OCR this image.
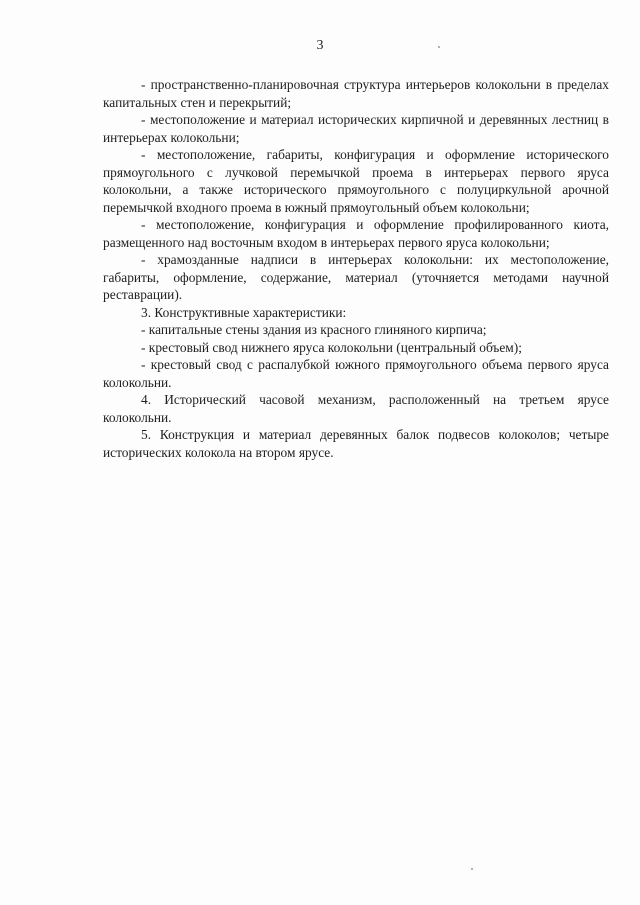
3

- пространственно-планировочная структура интерьеров колокольни в пределах капитальных стен и перекрытий;

- местоположение и материал исторических кирпичной и деревянных лестниц в интерьерах колокольни;

- местоположение, габариты, конфигурация и оформление исторического прямоугольного с лучковой перемычкой проема в интерьерах первого яруса колокольни, а также исторического прямоугольного с полуциркульной арочной перемычкой входного проема в южный прямоугольный объем колокольни;

- местоположение, конфигурация и оформление профилированного киота, размещенного над восточным входом в интерьерах первого яруса колокольни;

- храмозданные надписи в интерьерах колокольни: их местоположение, габариты, оформление, содержание, материал (уточняется методами научной реставрации).

3. Конструктивные характеристики:

- капитальные стены здания из красного глиняного кирпича;

- крестовый свод нижнего яруса колокольни (центральный объем);

- крестовый свод с распалубкой южного прямоугольного объема первого яруса колокольни.

4. Исторический часовой механизм, расположенный на третьем ярусе колокольни.

5. Конструкция и материал деревянных балок подвесов колоколов; четыре исторических колокола на втором ярусе.
